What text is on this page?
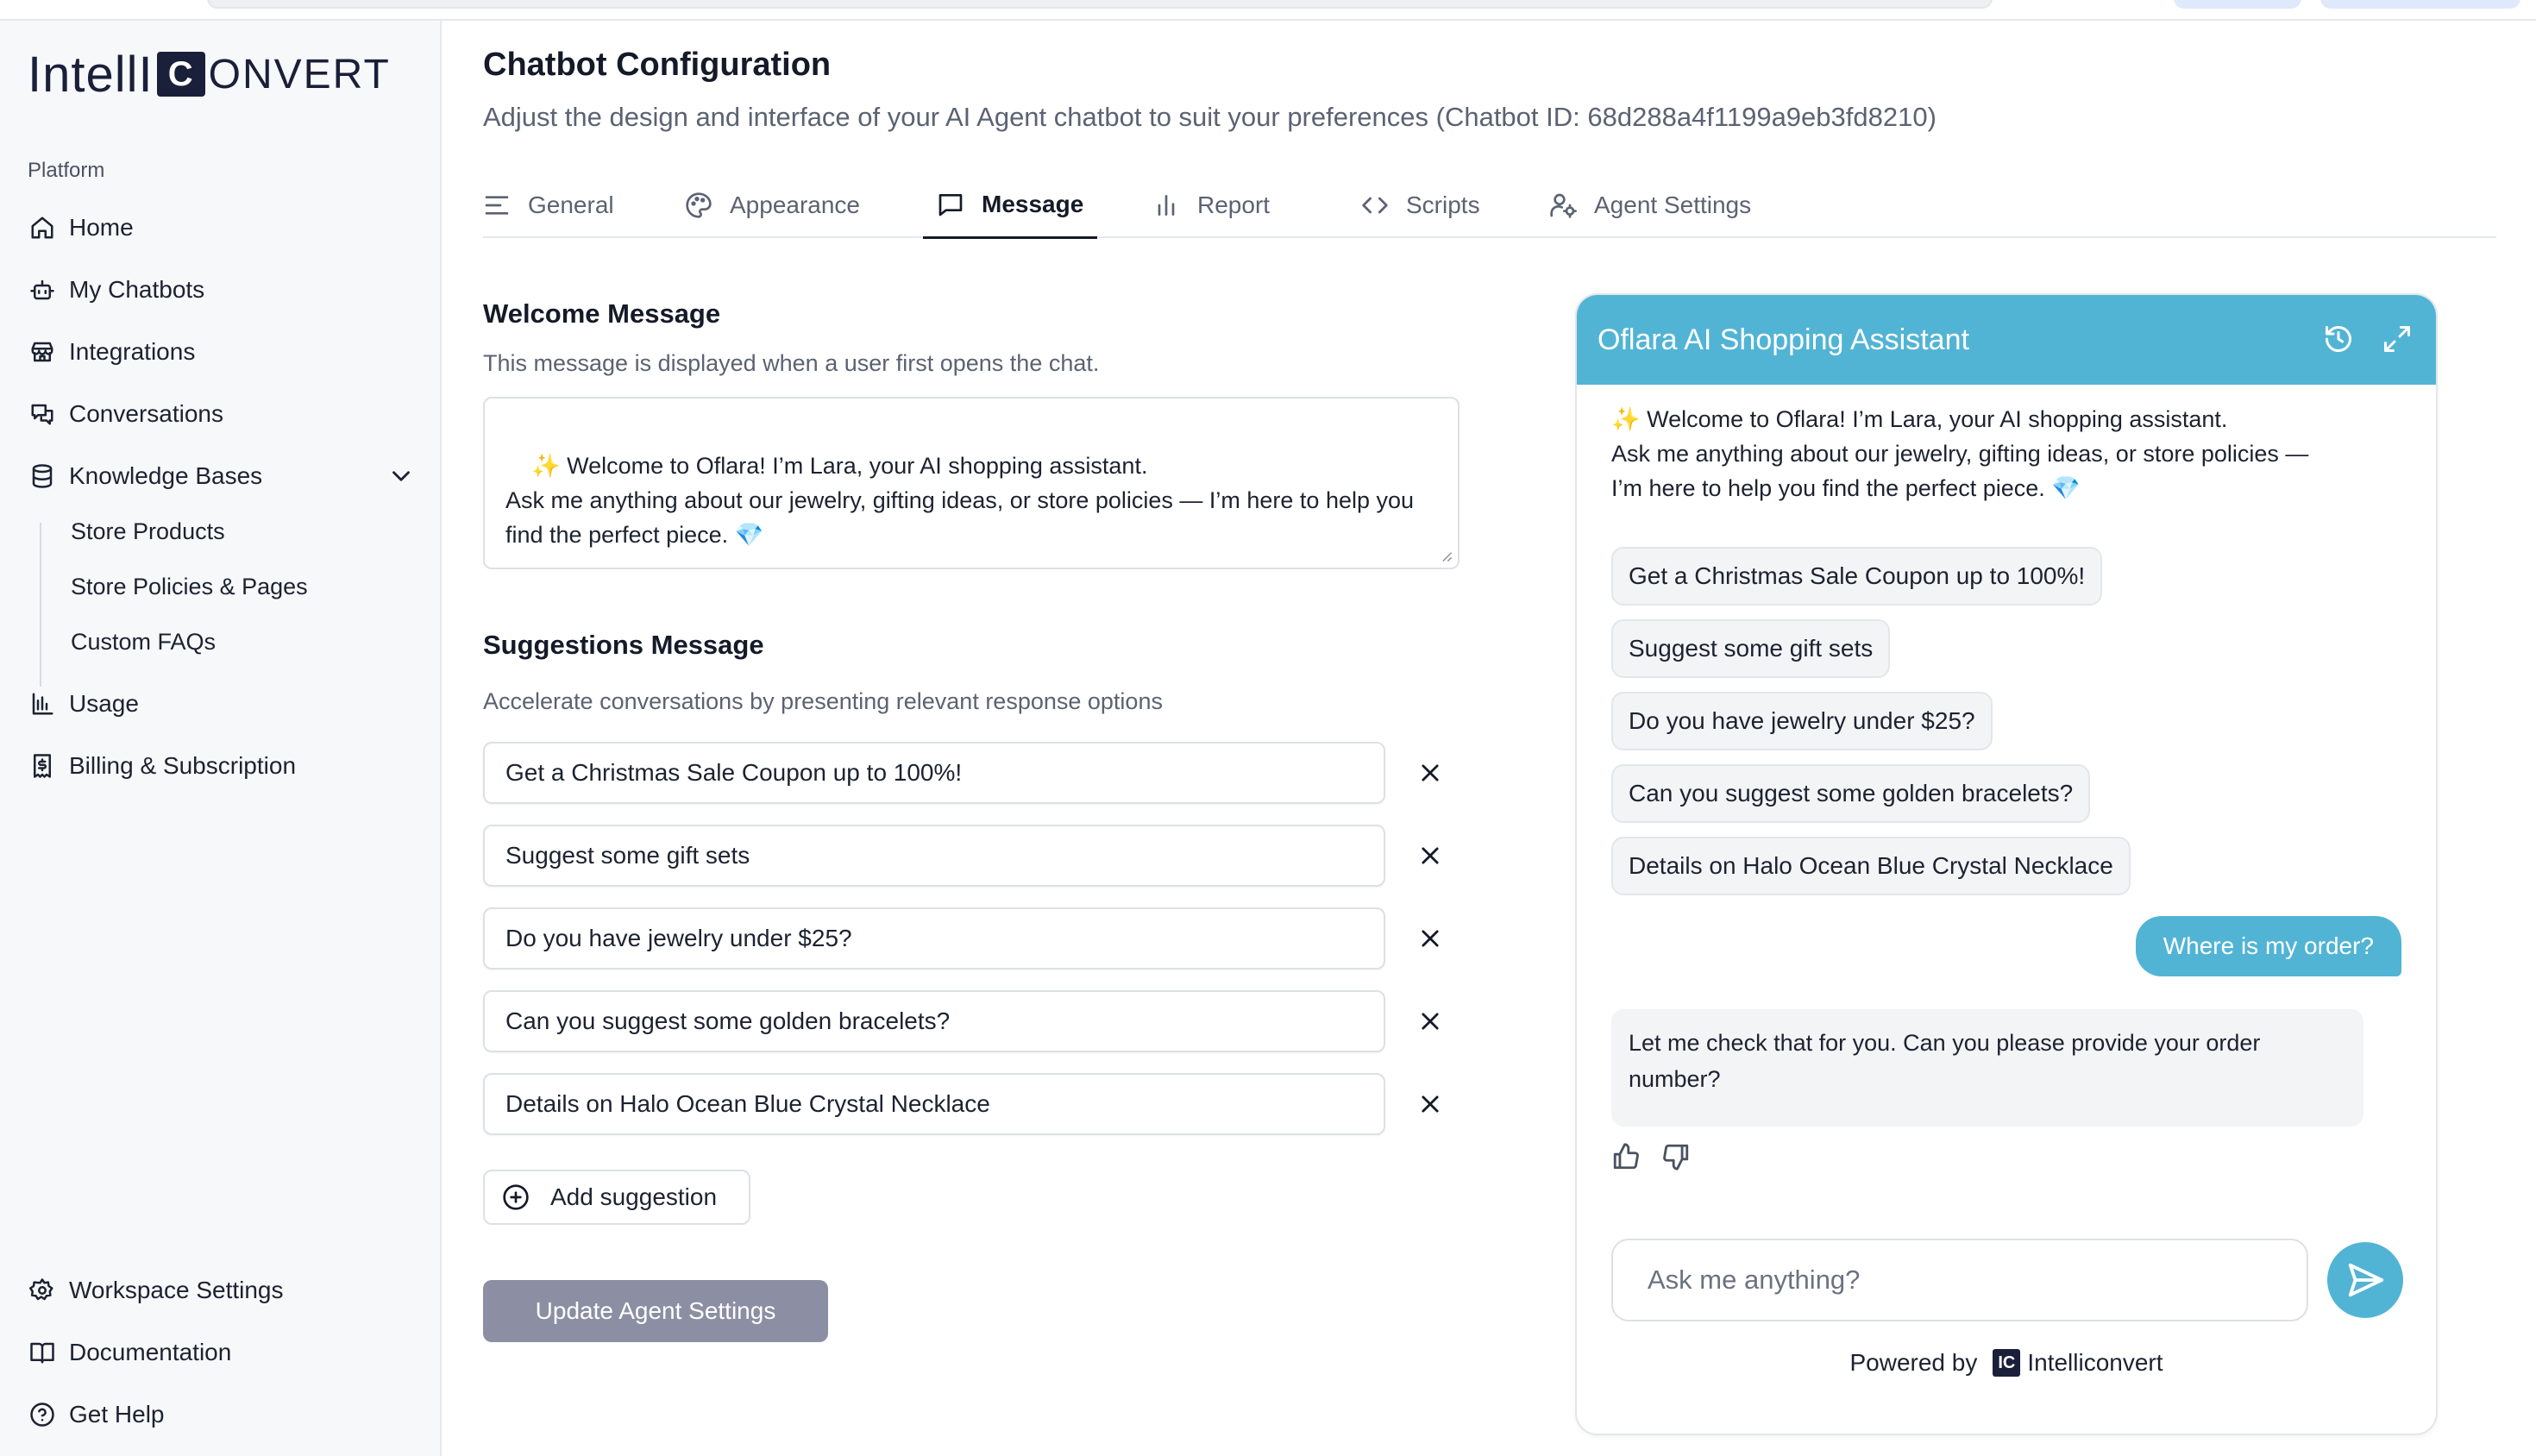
IntellI C ONVERT
Platform
Home
My Chatbots
Integrations
Conversations
Knowledge Bases
Store Products
Store Policies & Pages
Custom FAQs
Usage
Billing & Subscription
Workspace Settings
Documentation
Get Help
Chatbot Configuration
Adjust the design and interface of your AI Agent chatbot to suit your preferences (Chatbot ID: 68d288a4f1199a9eb3fd8210)
General	Appearance	Message	Report	Scripts	Agent Settings
Welcome Message
This message is displayed when a user first opens the chat.

✨ Welcome to Oflara! I’m Lara, your AI shopping assistant.
Ask me anything about our jewelry, gifting ideas, or store policies — I’m here to help you find the perfect piece. 💎

Suggestions Message
Accelerate conversations by presenting relevant response options
Get a Christmas Sale Coupon up to 100%!
Suggest some gift sets
Do you have jewelry under $25?
Can you suggest some golden bracelets?
Details on Halo Ocean Blue Crystal Necklace
Add suggestion
Update Agent Settings
Oflara AI Shopping Assistant
✨ Welcome to Oflara! I’m Lara, your AI shopping assistant.
Ask me anything about our jewelry, gifting ideas, or store policies —
I’m here to help you find the perfect piece. 💎
Get a Christmas Sale Coupon up to 100%!
Suggest some gift sets
Do you have jewelry under $25?
Can you suggest some golden bracelets?
Details on Halo Ocean Blue Crystal Necklace
Where is my order?
Let me check that for you. Can you please provide your order number?
Ask me anything?
Powered by	IC Intelliconvert
